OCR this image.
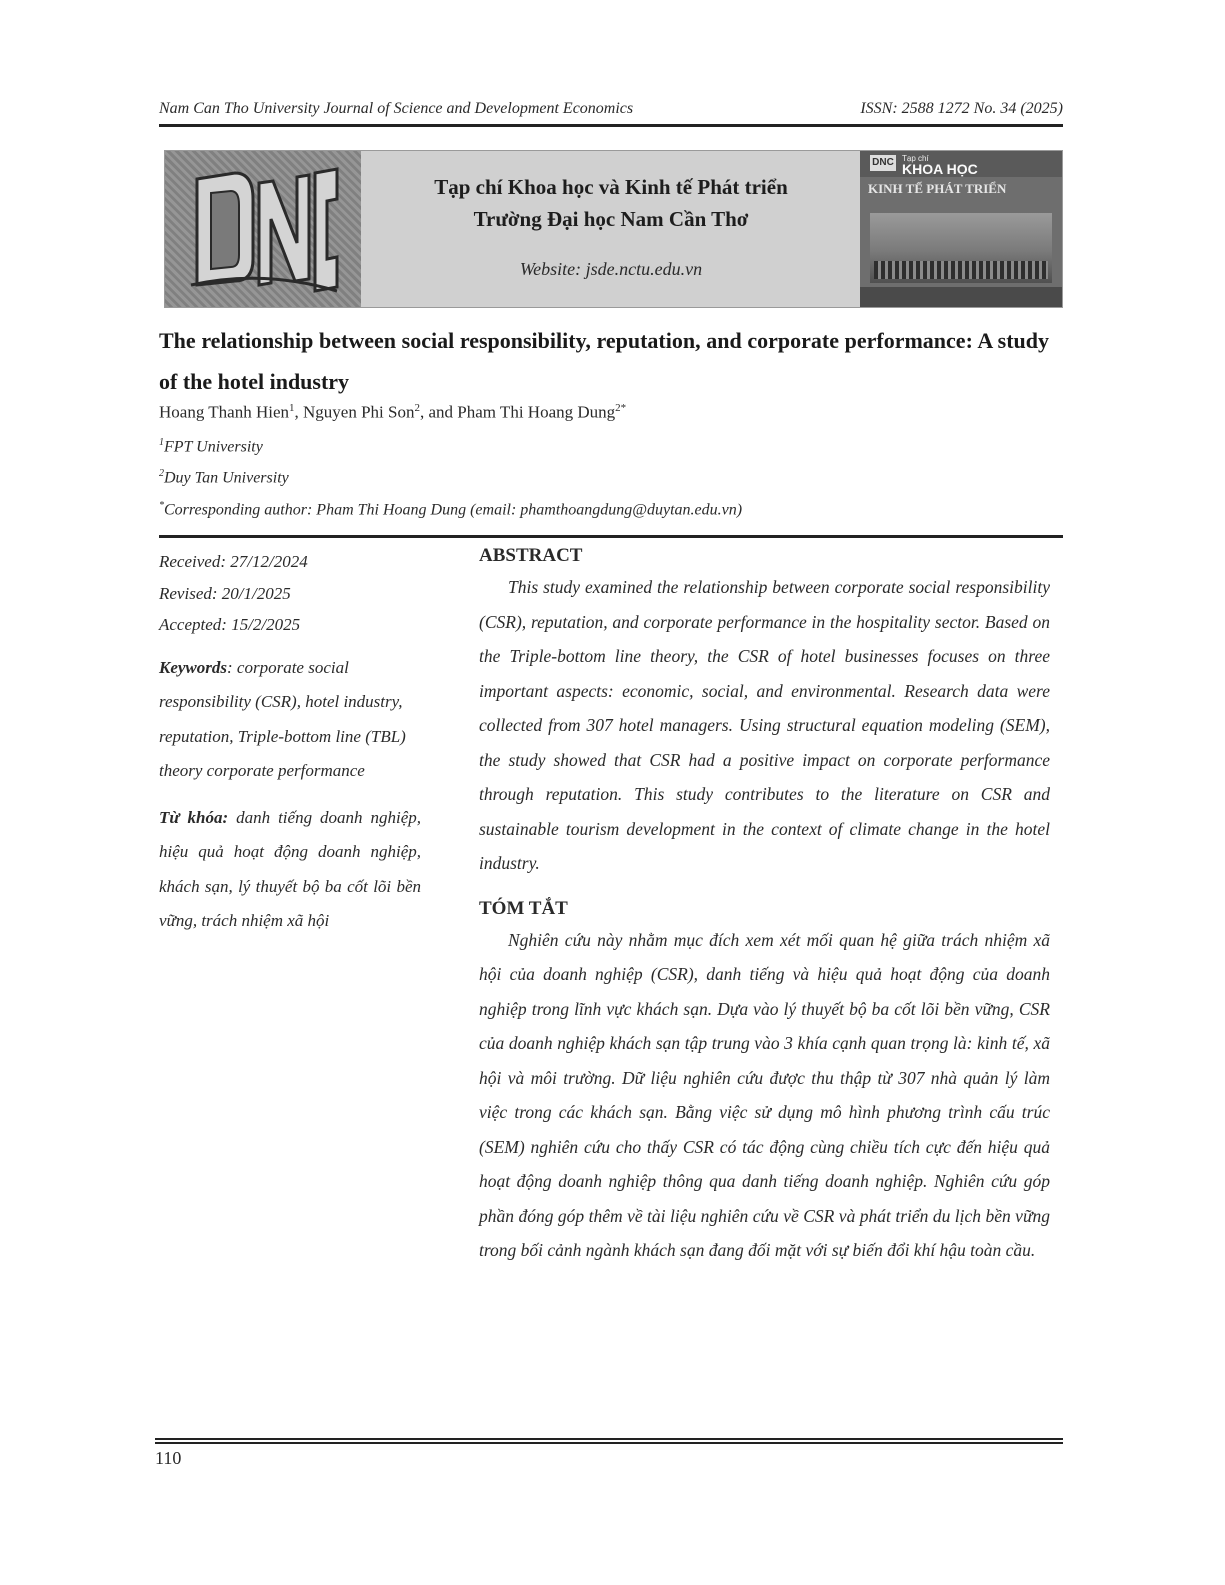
Nam Can Tho University Journal of Science and Development Economics	ISSN: 2588 1272 No. 34 (2025)
Tạp chí Khoa học và Kinh tế Phát triển
Trường Đại học Nam Cần Thơ
Website: jsde.nctu.edu.vn
DNC Tạp chí
KHOA HỌC
KINH TẾ PHÁT TRIỂN
The relationship between social responsibility, reputation, and corporate performance: A study of the hotel industry
Hoang Thanh Hien$^1$, Nguyen Phi Son$^2$, and Pham Thi Hoang Dung$^{2*}$
$^1$FPT University
$^2$Duy Tan University
*Corresponding author: Pham Thi Hoang Dung (email: phamthoangdung@duytan.edu.vn)
Received: 27/12/2024
Revised: 20/1/2025
Accepted: 15/2/2025
Keywords: corporate social responsibility (CSR), hotel industry, reputation, Triple-bottom line (TBL) theory corporate performance
Từ khóa: danh tiếng doanh nghiệp, hiệu quả hoạt động doanh nghiệp, khách sạn, lý thuyết bộ ba cốt lõi bền vững, trách nhiệm xã hội
ABSTRACT

This study examined the relationship between corporate social responsibility (CSR), reputation, and corporate performance in the hospitality sector. Based on the Triple-bottom line theory, the CSR of hotel businesses focuses on three important aspects: economic, social, and environmental. Research data were collected from 307 hotel managers. Using structural equation modeling (SEM), the study showed that CSR had a positive impact on corporate performance through reputation. This study contributes to the literature on CSR and sustainable tourism development in the context of climate change in the hotel industry.

TÓM TẮT

Nghiên cứu này nhằm mục đích xem xét mối quan hệ giữa trách nhiệm xã hội của doanh nghiệp (CSR), danh tiếng và hiệu quả hoạt động của doanh nghiệp trong lĩnh vực khách sạn. Dựa vào lý thuyết bộ ba cốt lõi bền vững, CSR của doanh nghiệp khách sạn tập trung vào 3 khía cạnh quan trọng là: kinh tế, xã hội và môi trường. Dữ liệu nghiên cứu được thu thập từ 307 nhà quản lý làm việc trong các khách sạn. Bằng việc sử dụng mô hình phương trình cấu trúc (SEM) nghiên cứu cho thấy CSR có tác động cùng chiều tích cực đến hiệu quả hoạt động doanh nghiệp thông qua danh tiếng doanh nghiệp. Nghiên cứu góp phần đóng góp thêm về tài liệu nghiên cứu về CSR và phát triển du lịch bền vững trong bối cảnh ngành khách sạn đang đối mặt với sự biến đổi khí hậu toàn cầu.

110
